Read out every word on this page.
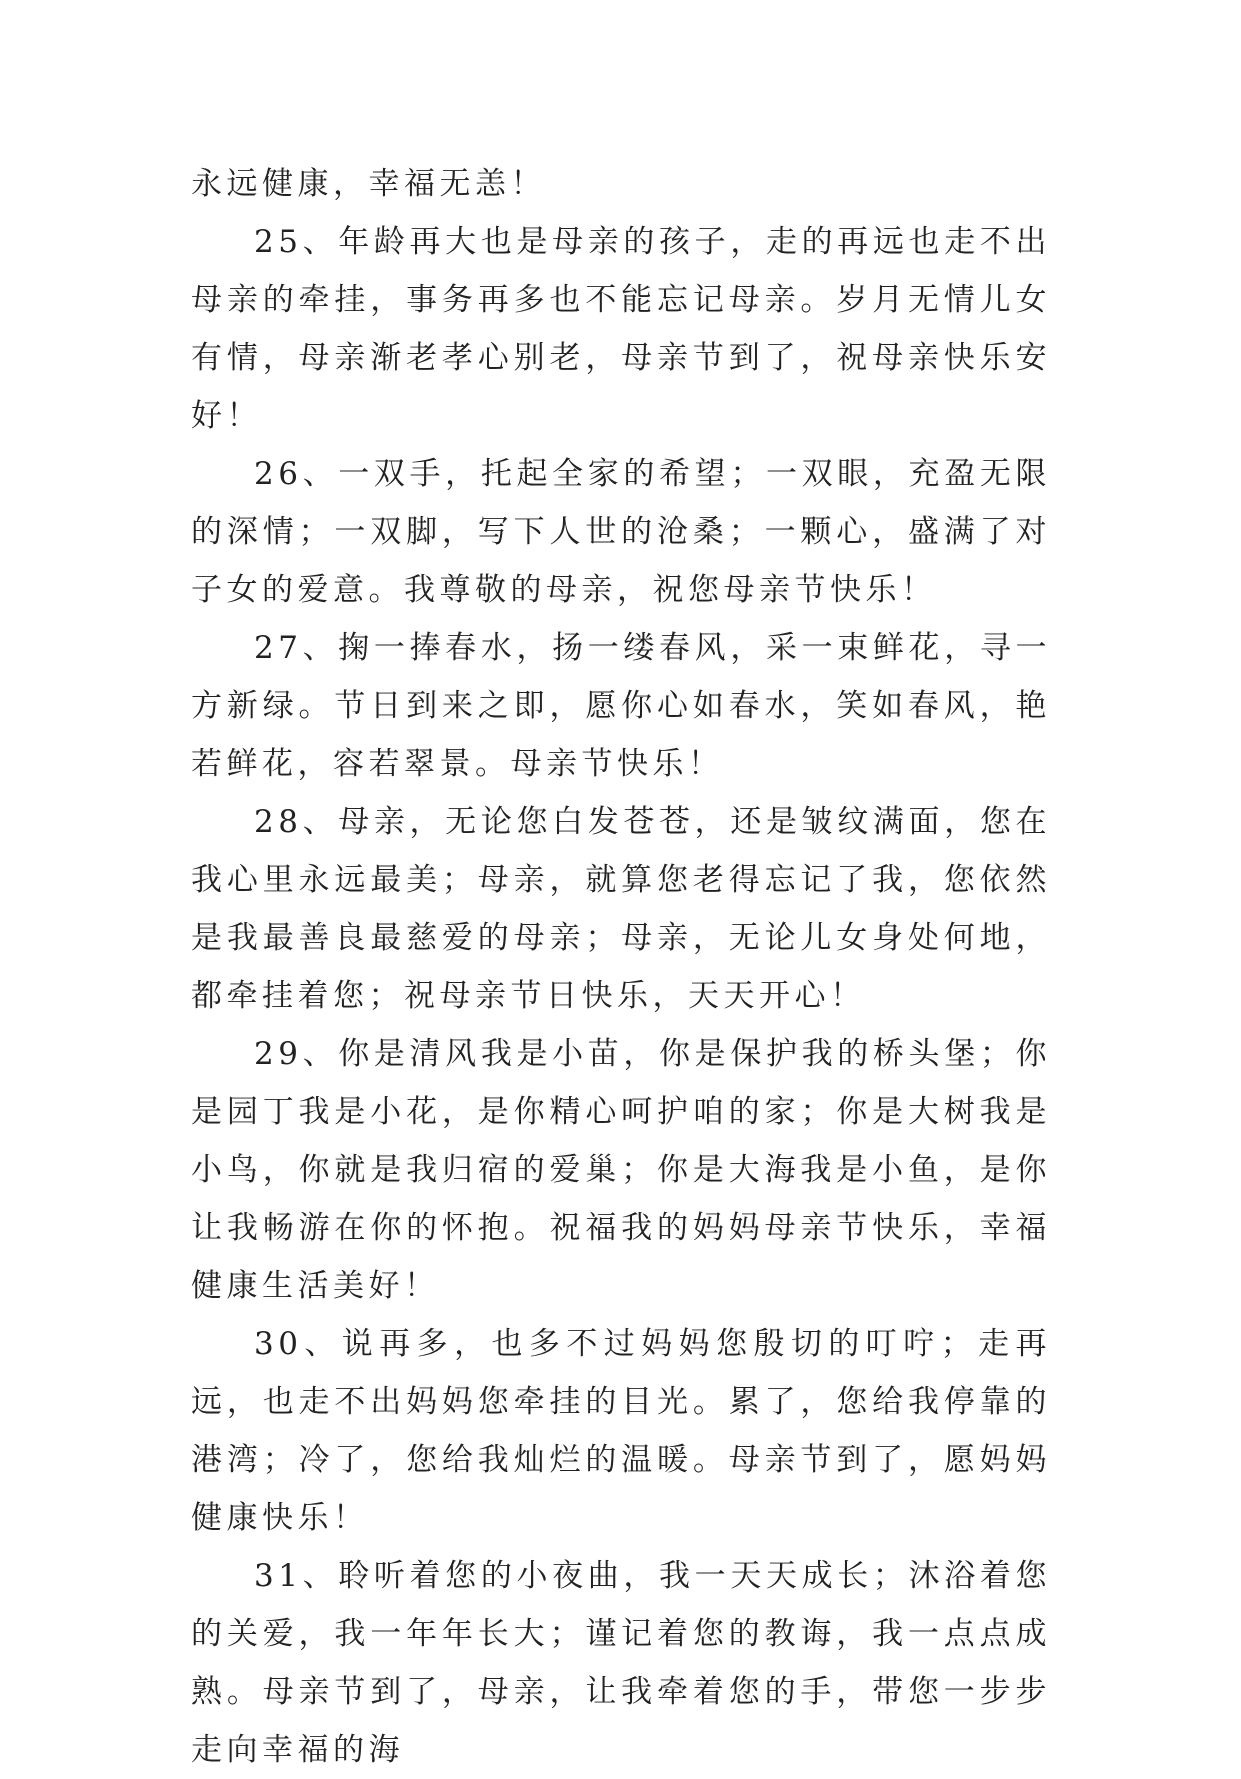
永远健康，幸福无恙！

25、年龄再大也是母亲的孩子，走的再远也走不出母亲的牵挂，事务再多也不能忘记母亲。岁月无情儿女有情，母亲渐老孝心别老，母亲节到了，祝母亲快乐安好！

26、一双手，托起全家的希望；一双眼，充盈无限的深情；一双脚，写下人世的沧桑；一颗心，盛满了对子女的爱意。我尊敬的母亲，祝您母亲节快乐！

27、掬一捧春水，扬一缕春风，采一束鲜花，寻一方新绿。节日到来之即，愿你心如春水，笑如春风，艳若鲜花，容若翠景。母亲节快乐！

28、母亲，无论您白发苍苍，还是皱纹满面，您在我心里永远最美；母亲，就算您老得忘记了我，您依然是我最善良最慈爱的母亲；母亲，无论儿女身处何地，都牵挂着您；祝母亲节日快乐，天天开心！

29、你是清风我是小苗，你是保护我的桥头堡；你是园丁我是小花，是你精心呵护咱的家；你是大树我是小鸟，你就是我归宿的爱巢；你是大海我是小鱼，是你让我畅游在你的怀抱。祝福我的妈妈母亲节快乐，幸福健康生活美好！

30、说再多，也多不过妈妈您殷切的叮咛；走再远，也走不出妈妈您牵挂的目光。累了，您给我停靠的港湾；冷了，您给我灿烂的温暖。母亲节到了，愿妈妈健康快乐！

31、聆听着您的小夜曲，我一天天成长；沐浴着您的关爱，我一年年长大；谨记着您的教诲，我一点点成熟。母亲节到了，母亲，让我牵着您的手，带您一步步走向幸福的海
